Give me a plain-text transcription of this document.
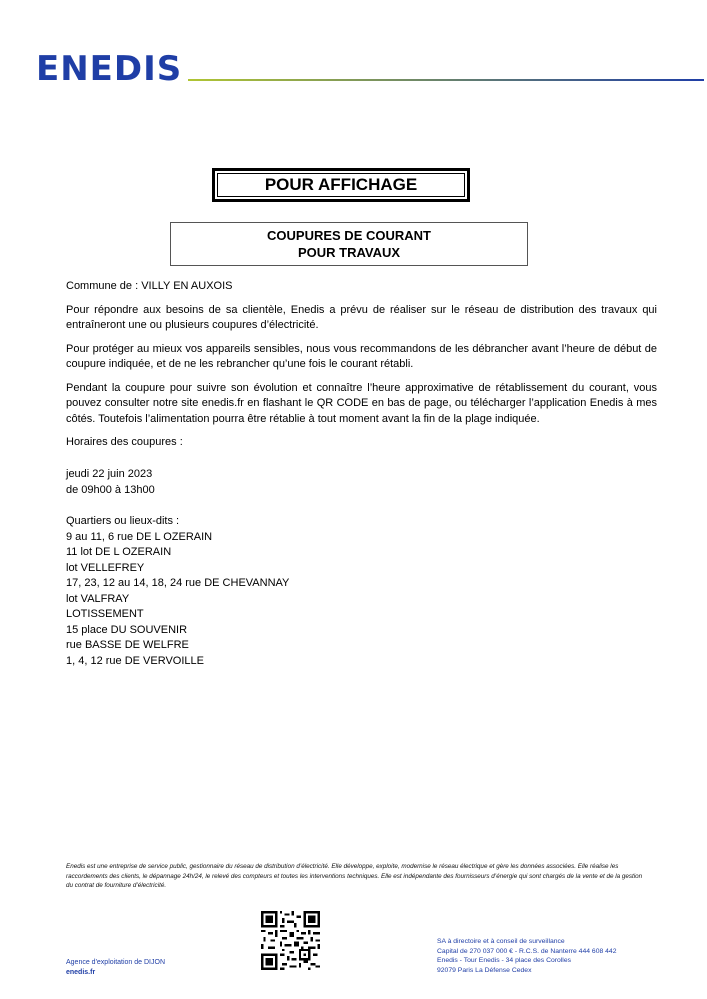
ENEDIS
POUR AFFICHAGE
COUPURES DE COURANT
POUR TRAVAUX

Commune de : VILLY EN AUXOIS

Pour répondre aux besoins de sa clientèle, Enedis a prévu de réaliser sur le réseau de distribution des travaux qui entraîneront une ou plusieurs coupures d’électricité.

Pour protéger au mieux vos appareils sensibles, nous vous recommandons de les débrancher avant l’heure de début de coupure indiquée, et de ne les rebrancher qu’une fois le courant rétabli.

Pendant la coupure pour suivre son évolution et connaître l’heure approximative de rétablissement du courant, vous pouvez consulter notre site enedis.fr en flashant le QR CODE en bas de page, ou télécharger l’application Enedis à mes côtés. Toutefois l’alimentation pourra être rétablie à tout moment avant la fin de la plage indiquée.

Horaires des coupures :

jeudi 22 juin 2023
de 09h00 à 13h00
Quartiers ou lieux-dits :
9 au 11, 6 rue DE L OZERAIN
11 lot DE L OZERAIN
lot VELLEFREY
17, 23, 12 au 14, 18, 24 rue DE CHEVANNAY
lot VALFRAY
LOTISSEMENT
15 place DU SOUVENIR
rue BASSE DE WELFRE
1, 4, 12 rue DE VERVOILLE
Enedis est une entreprise de service public, gestionnaire du réseau de distribution d’électricité. Elle développe, exploite, modernise le réseau électrique et gère les données associées. Elle réalise les raccordements des clients, le dépannage 24h/24, le relevé des compteurs et toutes les interventions techniques. Elle est indépendante des fournisseurs d’énergie qui sont chargés de la vente et de la gestion du contrat de fourniture d’électricité.
Agence d'exploitation de DIJON
enedis.fr
SA à directoire et à conseil de surveillance
Capital de 270 037 000 € - R.C.S. de Nanterre 444 608 442
Enedis - Tour Enedis - 34 place des Corolles
92079 Paris La Défense Cedex
